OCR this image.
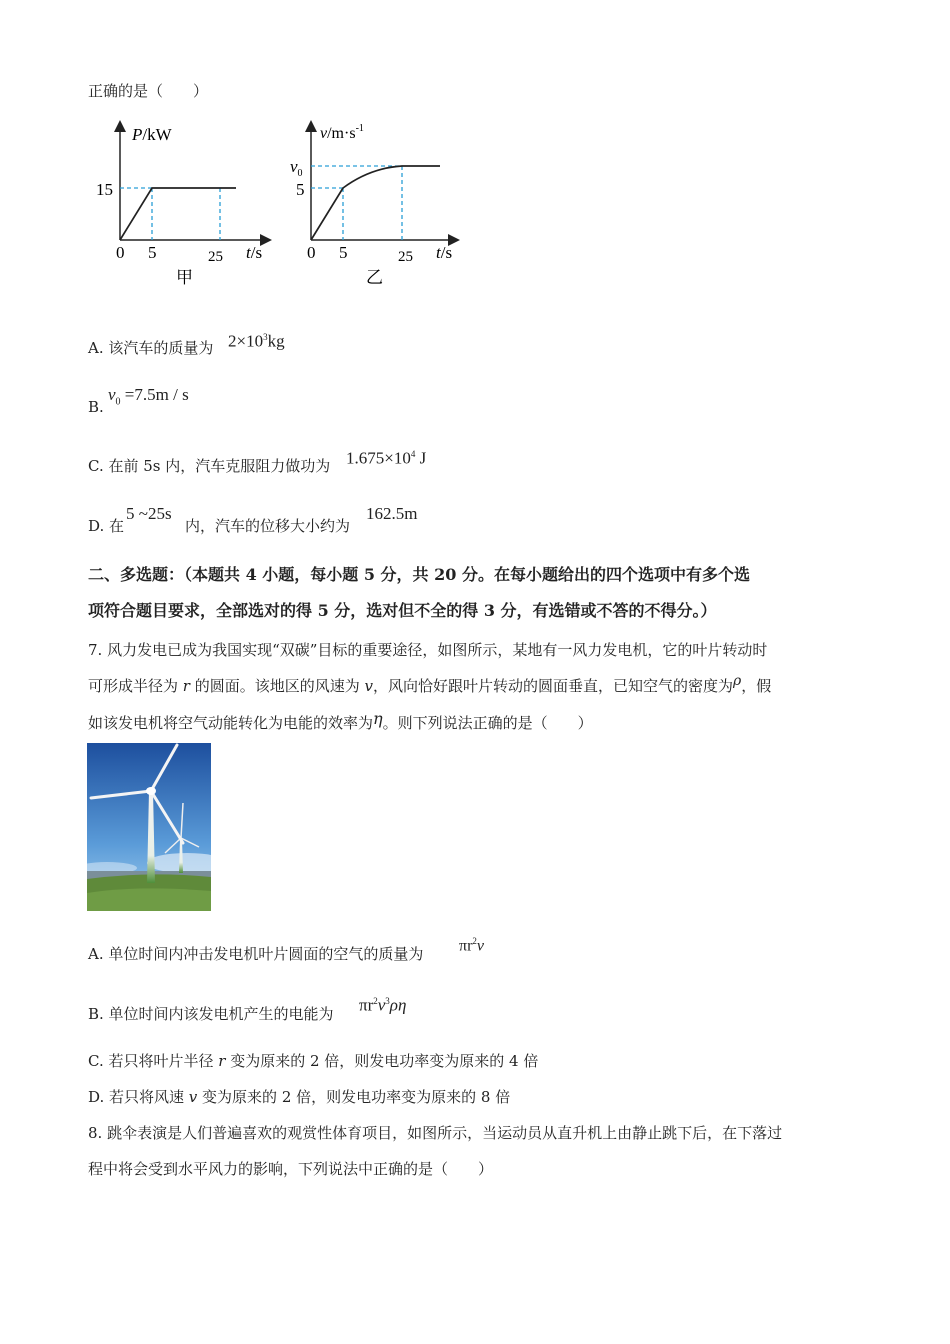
正确的是（　　）
P/kW
15
0 5	25 t/s
甲
$v/m\cdot s^{-1}$
$v_0$
5
0 5	25 t/s
乙
A. 该汽车的质量为 $2\times 10^3kg$
B.
$v_0 =7.5m / s$
C. 在前 5s 内，汽车克服阻力做功为 $1.675\times 10^4$ J
D. 在
5 ~25s
内，汽车的位移大小约为
162.5m
二、多选题：（本题共 4 小题，每小题 5 分，共 20 分。在每小题给出的四个选项中有多个选
项符合题目要求，全部选对的得 5 分，选对但不全的得 3 分，有选错或不答的不得分。）
7. 风力发电已成为我国实现“双碳”目标的重要途径，如图所示，某地有一风力发电机，它的叶片转动时
可形成半径为 r 的圆面。该地区的风速为 v，风向恰好跟叶片转动的圆面垂直，已知空气的密度为ρ，假
如该发电机将空气动能转化为电能的效率为η。则下列说法正确的是（　　）
A. 单位时间内冲击发电机叶片圆面的空气的质量为 $\pi r^2v$
B. 单位时间内该发电机产生的电能为 $\pi r^2v^3\rho\eta$
C. 若只将叶片半径 r 变为原来的 2 倍，则发电功率变为原来的 4 倍
D. 若只将风速 v 变为原来的 2 倍，则发电功率变为原来的 8 倍
8. 跳伞表演是人们普遍喜欢的观赏性体育项目，如图所示，当运动员从直升机上由静止跳下后，在下落过
程中将会受到水平风力的影响，下列说法中正确的是（　　）
